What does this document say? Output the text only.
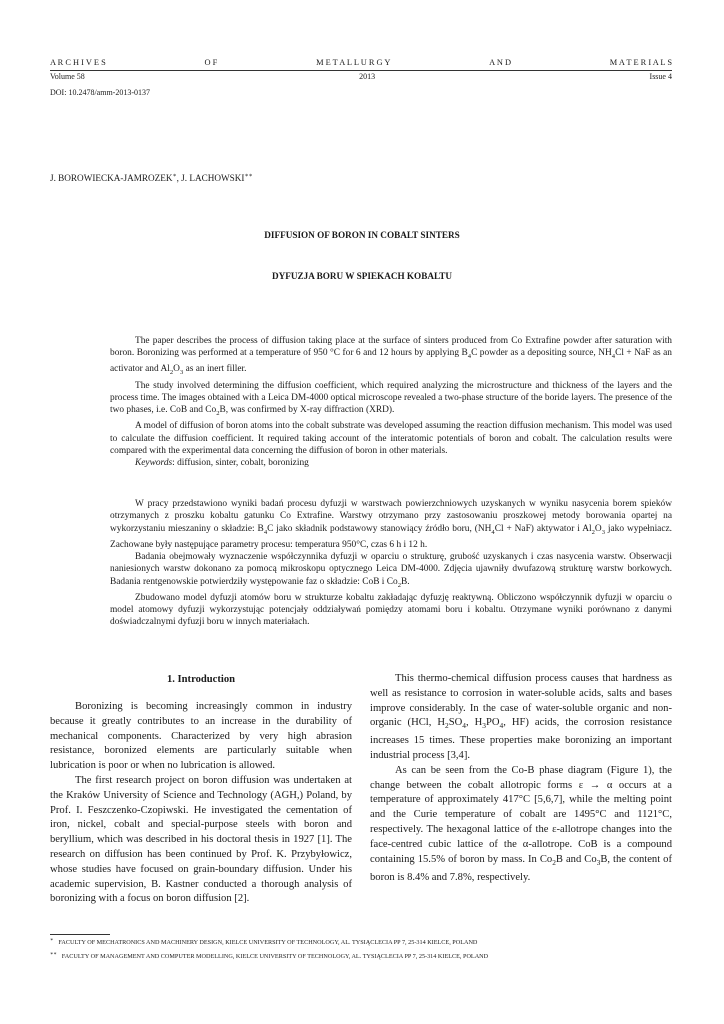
A R C H I V E S	O F	M E T A L L U R G Y	A N D	M A T E R I A L S
Volume 58	2013	Issue 4
DOI: 10.2478/amm-2013-0137
J. BOROWIECKA-JAMROZEK∗, J. LACHOWSKI∗∗
DIFFUSION OF BORON IN COBALT SINTERS
DYFUZJA BORU W SPIEKACH KOBALTU

The paper describes the process of diffusion taking place at the surface of sinters produced from Co Extrafine powder after saturation with boron. Boronizing was performed at a temperature of 950 °C for 6 and 12 hours by applying $B_4C$ powder as a depositing source, $NH_4Cl$ + NaF as an activator and $Al_2O_3$ as an inert filler.

The study involved determining the diffusion coefficient, which required analyzing the microstructure and thickness of the layers and the process time. The images obtained with a Leica DM-4000 optical microscope revealed a two-phase structure of the boride layers. The presence of the two phases, i.e. CoB and $Co_2B$, was confirmed by X-ray diffraction (XRD).

A model of diffusion of boron atoms into the cobalt substrate was developed assuming the reaction diffusion mechanism. This model was used to calculate the diffusion coefficient. It required taking account of the interatomic potentials of boron and cobalt. The calculation results were compared with the experimental data concerning the diffusion of boron in other materials.

Keywords: diffusion, sinter, cobalt, boronizing

W pracy przedstawiono wyniki badań procesu dyfuzji w warstwach powierzchniowych uzyskanych w wyniku nasycenia borem spieków otrzymanych z proszku kobaltu gatunku Co Extrafine. Warstwy otrzymano przy zastosowaniu proszkowej metody borowania opartej na wykorzystaniu mieszaniny o składzie: $B_4C$ jako składnik podstawowy stanowiący źródło boru, $(NH_4Cl + NaF)$ aktywator i $Al_2O_3$ jako wypełniacz. Zachowane były następujące parametry procesu: temperatura 950°C, czas 6 h i 12 h.

Badania obejmowały wyznaczenie współczynnika dyfuzji w oparciu o strukturę, grubość uzyskanych i czas nasycenia warstw. Obserwacji naniesionych warstw dokonano za pomocą mikroskopu optycznego Leica DM-4000. Zdjęcia ujawniły dwufazową strukturę warstw borkowych. Badania rentgenowskie potwierdziły występowanie faz o składzie: CoB i $Co_2B$.

Zbudowano model dyfuzji atomów boru w strukturze kobaltu zakładając dyfuzję reaktywną. Obliczono współczynnik dyfuzji w oparciu o model atomowy dyfuzji wykorzystując potencjały oddziaływań pomiędzy atomami boru i kobaltu. Otrzymane wyniki porównano z danymi doświadczalnymi dyfuzji boru w innych materiałach.

1. Introduction

Boronizing is becoming increasingly common in industry because it greatly contributes to an increase in the durability of mechanical components. Characterized by very high abrasion resistance, boronized elements are particularly suitable when lubrication is poor or when no lubrication is allowed.

The first research project on boron diffusion was undertaken at the Kraków University of Science and Technology (AGH,) Poland, by Prof. I. Feszczenko-Czopiwski. He investigated the cementation of iron, nickel, cobalt and special-purpose steels with boron and beryllium, which was described in his doctoral thesis in 1927 [1]. The research on diffusion has been continued by Prof. K. Przybyłowicz, whose studies have focused on grain-boundary diffusion. Under his academic supervision, B. Kastner conducted a thorough analysis of boronizing with a focus on boron diffusion [2].

This thermo-chemical diffusion process causes that hardness as well as resistance to corrosion in water-soluble acids, salts and bases improve considerably. In the case of water-soluble organic and non-organic (HCl, $H_2SO_4$, $H_3PO_4$, HF) acids, the corrosion resistance increases 15 times. These properties make boronizing an important industrial process [3,4].

As can be seen from the Co-B phase diagram (Figure 1), the change between the cobalt allotropic forms ε → α occurs at a temperature of approximately 417°C [5,6,7], while the melting point and the Curie temperature of cobalt are 1495°C and 1121°C, respectively. The hexagonal lattice of the ε-allotrope changes into the face-centred cubic lattice of the α-allotrope. CoB is a compound containing 15.5% of boron by mass. In $Co_2B$ and $Co_3B$, the content of boron is 8.4% and 7.8%, respectively.

∗ FACULTY OF MECHATRONICS AND MACHINERY DESIGN, KIELCE UNIVERSITY OF TECHNOLOGY, AL. TYSIĄCLECIA PP 7, 25-314 KIELCE, POLAND
∗∗ FACULTY OF MANAGEMENT AND COMPUTER MODELLING, KIELCE UNIVERSITY OF TECHNOLOGY, AL. TYSIĄCLECIA PP 7, 25-314 KIELCE, POLAND
